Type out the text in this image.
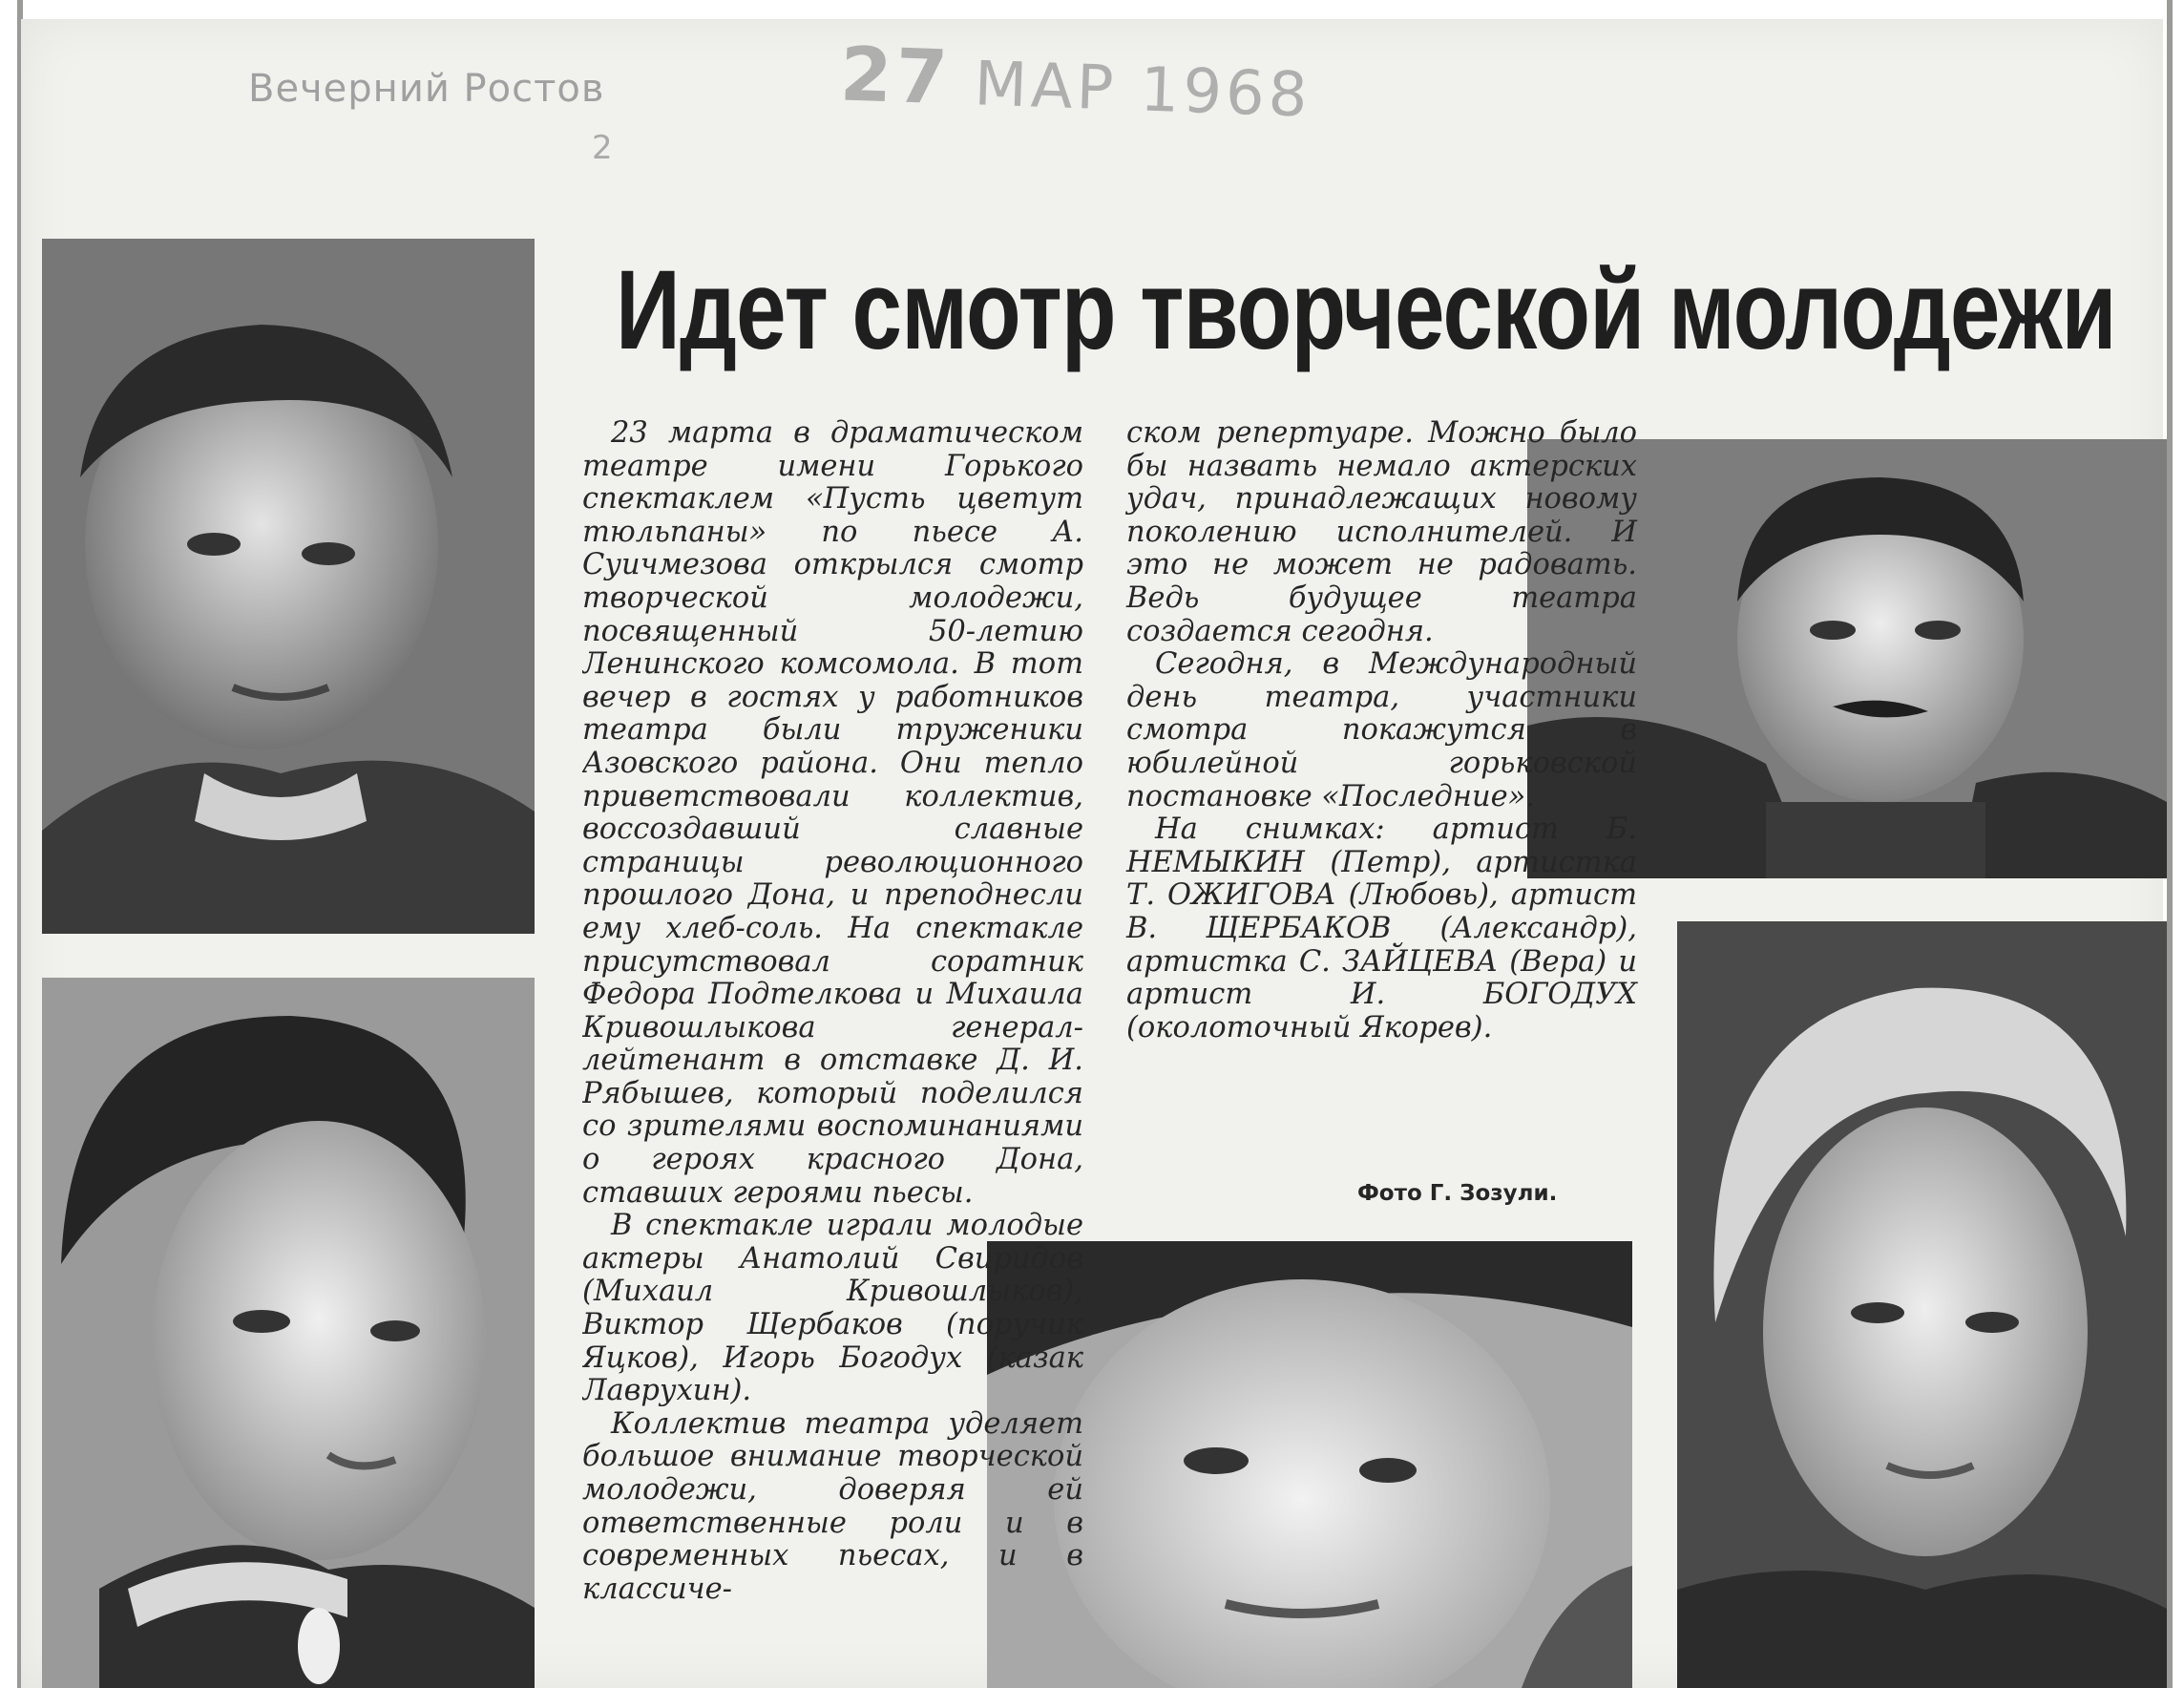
Вечерний Ростов
2
27 МАР 1968
Идет смотр творческой молодежи

23 марта в драматическом театре имени Горького спектаклем «Пусть цветут тюльпаны» по пьесе А. Суичмезова открылся смотр творческой молодежи, посвященный 50-летию Ленинского комсомола. В тот вечер в гостях у работников театра были труженики Азовского района. Они тепло приветствовали коллектив, воссоздавший славные страницы революционного прошлого Дона, и преподнесли ему хлеб-соль. На спектакле присутствовал соратник Федора Подтелкова и Михаила Кривошлыкова генерал-лейтенант в отставке Д. И. Рябышев, который поделился со зрителями воспоминаниями о героях красного Дона, ставших героями пьесы.

В спектакле играли молодые актеры Анатолий Свиридов (Михаил Кривошлыков), Виктор Щербаков (поручик Яцков), Игорь Богодух (казак Лаврухин).

Коллектив театра уделяет большое внимание творческой молодежи, доверяя ей ответственные роли и в современных пьесах, и в классиче-

ском репертуаре. Можно было бы назвать немало актерских удач, принадлежащих новому поколению исполнителей. И это не может не радовать. Ведь будущее театра создается сегодня.

Сегодня, в Международный день театра, участники смотра покажутся в юбилейной горьковской постановке «Последние».

На снимках: артист Б. НЕМЫКИН (Петр), артистка Т. ОЖИГОВА (Любовь), артист В. ЩЕРБАКОВ (Александр), артистка С. ЗАЙЦЕВА (Вера) и артист И. БОГОДУХ (околоточный Якорев).

Фото Г. Зозули.
